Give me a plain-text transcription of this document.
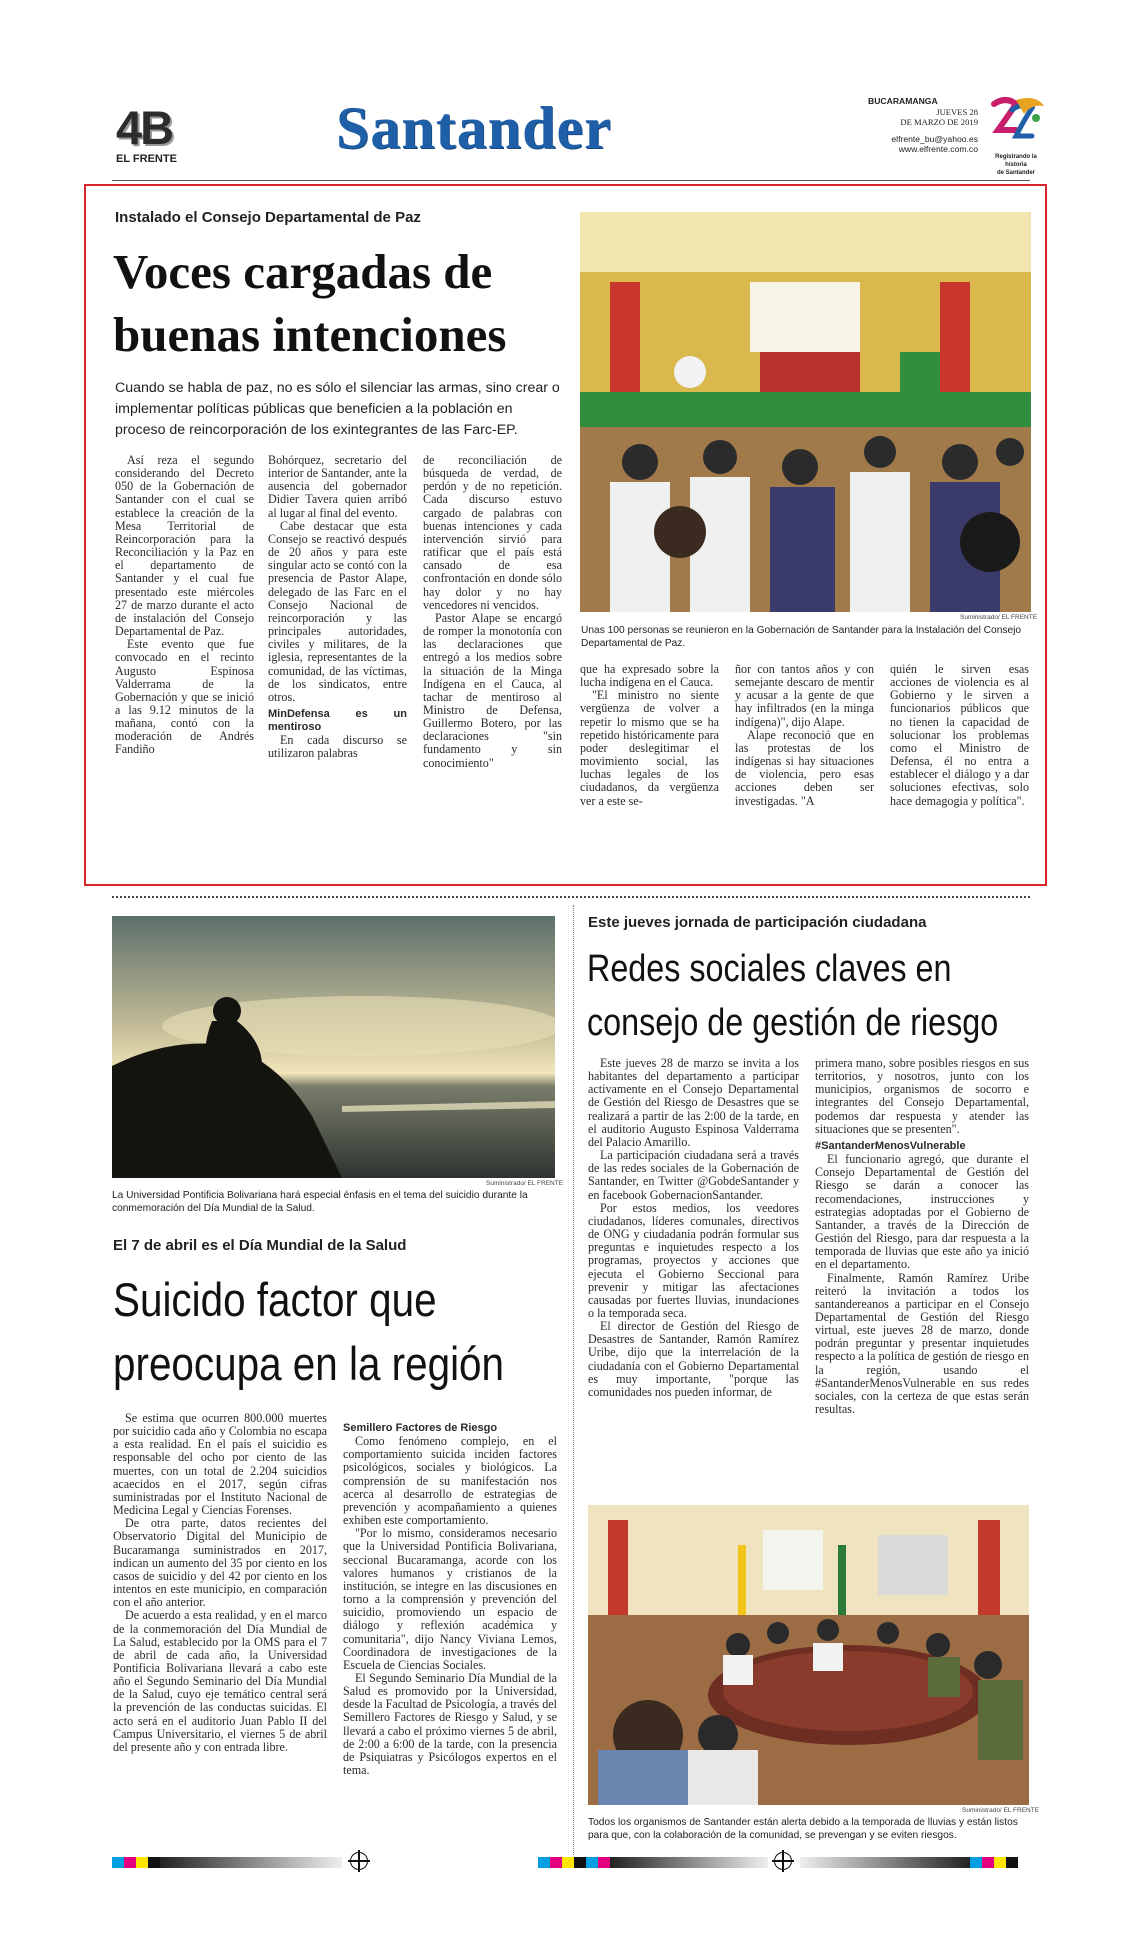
4B
EL FRENTE	Santander	BUCARAMANGA
JUEVES 28
DE MARZO DE 2019
elfrente_bu@yahoo.es
www.elfrente.com.co
Registrando la historia
de Santander
Instalado el Consejo Departamental de Paz
Voces cargadas de
buenas intenciones
Cuando se habla de paz, no es sólo el silenciar las armas, sino crear o implementar políticas públicas que beneficien a la población en proceso de reincorporación de los exintegrantes de las Farc-EP.

Así reza el segundo considerando del Decreto 050 de la Gobernación de Santander con el cual se establece la creación de la Mesa Territorial de Reincorporación para la Reconciliación y la Paz en el departamento de Santander y el cual fue presentado este miércoles 27 de marzo durante el acto de instalación del Consejo Departamental de Paz.

Este evento que fue convocado en el recinto Augusto Espinosa Valderrama de la Gobernación y que se inició a las 9.12 minutos de la mañana, contó con la moderación de Andrés Fandiño

Bohórquez, secretario del interior de Santander, ante la ausencia del gobernador Didier Tavera quien arribó al lugar al final del evento.

Cabe destacar que esta Consejo se reactivó después de 20 años y para este singular acto se contó con la presencia de Pastor Alape, delegado de las Farc en el Consejo Nacional de reincorporación y las principales autoridades, civiles y militares, de la iglesia, representantes de la comunidad, de las víctimas, de los sindicatos, entre otros.

MinDefensa es un mentiroso

En cada discurso se utilizaron palabras

de reconciliación de búsqueda de verdad, de perdón y de no repetición. Cada discurso estuvo cargado de palabras con buenas intenciones y cada intervención sirvió para ratificar que el país está cansado de esa confrontación en donde sólo hay dolor y no hay vencedores ni vencidos.

Pastor Alape se encargó de romper la monotonía con las declaraciones que entregó a los medios sobre la situación de la Minga Indígena en el Cauca, al tachar de mentiroso al Ministro de Defensa, Guillermo Botero, por las declaraciones "sin fundamento y sin conocimiento"

Suministrado/ EL FRENTE
Unas 100 personas se reunieron en la Gobernación de Santander para la Instalación del Consejo Departamental de Paz.

que ha expresado sobre la lucha indígena en el Cauca.

"El ministro no siente vergüenza de volver a repetir lo mismo que se ha repetido históricamente para poder deslegitimar el movimiento social, las luchas legales de los ciudadanos, da vergüenza ver a este se-

ñor con tantos años y con semejante descaro de mentir y acusar a la gente de que hay infiltrados (en la minga indígena)", dijo Alape.

Alape reconoció que en las protestas de los indígenas si hay situaciones de violencia, pero esas acciones deben ser investigadas. "A

quién le sirven esas acciones de violencia es al Gobierno y le sirven a funcionarios públicos que no tienen la capacidad de solucionar los problemas como el Ministro de Defensa, él no entra a establecer el diálogo y a dar soluciones efectivas, solo hace demagogia y política".

Suministrado/ EL FRENTE
La Universidad Pontificia Bolivariana hará especial énfasis en el tema del suicidio durante la conmemoración del Día Mundial de la Salud.
El 7 de abril es el Día Mundial de la Salud
Suicido factor que
preocupa en la región

Se estima que ocurren 800.000 muertes por suicidio cada año y Colombia no escapa a esta realidad. En el país el suicidio es responsable del ocho por ciento de las muertes, con un total de 2.204 suicidios acaecidos en el 2017, según cifras suministradas por el Instituto Nacional de Medicina Legal y Ciencias Forenses.

De otra parte, datos recientes del Observatorio Digital del Municipio de Bucaramanga suministrados en 2017, indican un aumento del 35 por ciento en los casos de suicidio y del 42 por ciento en los intentos en este municipio, en comparación con el año anterior.

De acuerdo a esta realidad, y en el marco de la conmemoración del Día Mundial de La Salud, establecido por la OMS para el 7 de abril de cada año, la Universidad Pontificia Bolivariana llevará a cabo este año el Segundo Seminario del Día Mundial de la Salud, cuyo eje temático central será la prevención de las conductas suicidas. El acto será en el auditorio Juan Pablo II del Campus Universitario, el viernes 5 de abril del presente año y con entrada libre.

Semillero Factores de Riesgo

Como fenómeno complejo, en el comportamiento suicida inciden factores psicológicos, sociales y biológicos. La comprensión de su manifestación nos acerca al desarrollo de estrategias de prevención y acompañamiento a quienes exhiben este comportamiento.

"Por lo mismo, consideramos necesario que la Universidad Pontificia Bolivariana, seccional Bucaramanga, acorde con los valores humanos y cristianos de la institución, se integre en las discusiones en torno a la comprensión y prevención del suicidio, promoviendo un espacio de diálogo y reflexión académica y comunitaria", dijo Nancy Viviana Lemos, Coordinadora de investigaciones de la Escuela de Ciencias Sociales.

El Segundo Seminario Día Mundial de la Salud es promovido por la Universidad, desde la Facultad de Psicología, a través del Semillero Factores de Riesgo y Salud, y se llevará a cabo el próximo viernes 5 de abril, de 2:00 a 6:00 de la tarde, con la presencia de Psiquiatras y Psicólogos expertos en el tema.

Este jueves jornada de participación ciudadana
Redes sociales claves en
consejo de gestión de riesgo

Este jueves 28 de marzo se invita a los habitantes del departamento a participar activamente en el Consejo Departamental de Gestión del Riesgo de Desastres que se realizará a partir de las 2:00 de la tarde, en el auditorio Augusto Espinosa Valderrama del Palacio Amarillo.

La participación ciudadana será a través de las redes sociales de la Gobernación de Santander, en Twitter @GobdeSantander y en facebook GobernacionSantander.

Por estos medios, los veedores ciudadanos, líderes comunales, directivos de ONG y ciudadanía podrán formular sus preguntas e inquietudes respecto a los programas, proyectos y acciones que ejecuta el Gobierno Seccional para prevenir y mitigar las afectaciones causadas por fuertes lluvias, inundaciones o la temporada seca.

El director de Gestión del Riesgo de Desastres de Santander, Ramón Ramírez Uribe, dijo que la interrelación de la ciudadanía con el Gobierno Departamental es muy importante, "porque las comunidades nos pueden informar, de

primera mano, sobre posibles riesgos en sus territorios, y nosotros, junto con los municipios, organismos de socorro e integrantes del Consejo Departamental, podemos dar respuesta y atender las situaciones que se presenten".

#SantanderMenosVulnerable

El funcionario agregó, que durante el Consejo Departamental de Gestión del Riesgo se darán a conocer las recomendaciones, instrucciones y estrategias adoptadas por el Gobierno de Santander, a través de la Dirección de Gestión del Riesgo, para dar respuesta a la temporada de lluvias que este año ya inició en el departamento.

Finalmente, Ramón Ramírez Uribe reiteró la invitación a todos los santandereanos a participar en el Consejo Departamental de Gestión del Riesgo virtual, este jueves 28 de marzo, donde podrán preguntar y presentar inquietudes respecto a la política de gestión de riesgo en la región, usando el #SantanderMenosVulnerable en sus redes sociales, con la certeza de que estas serán resultas.

Suministrado/ EL FRENTE
Todos los organismos de Santander están alerta debido a la temporada de lluvias y están listos para que, con la colaboración de la comunidad, se prevengan y se eviten riesgos.
